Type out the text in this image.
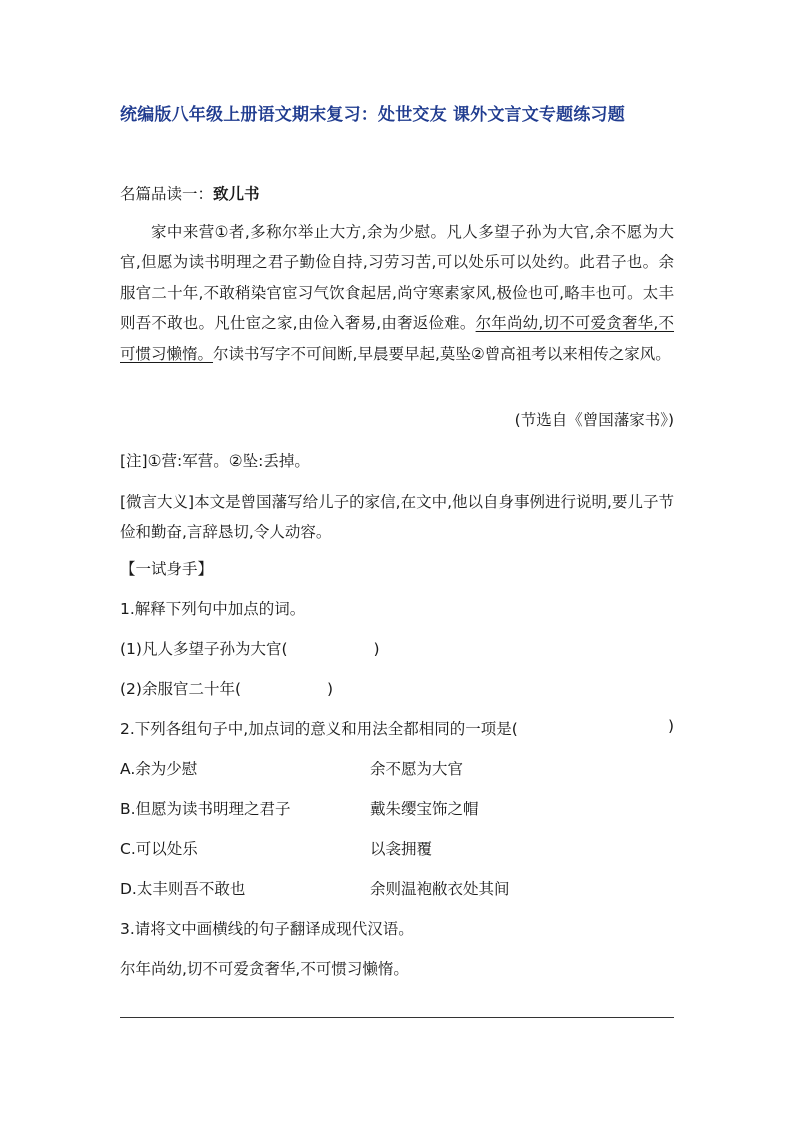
统编版八年级上册语文期末复习：处世交友 课外文言文专题练习题
名篇品读一：致儿书
家中来营①者,多称尔举止大方,余为少慰。凡人多望子孙为大官,余不愿为大官,但愿为读书明理之君子勤俭自持,习劳习苦,可以处乐可以处约。此君子也。余服官二十年,不敢稍染官宦习气饮食起居,尚守寒素家风,极俭也可,略丰也可。太丰则吾不敢也。凡仕宦之家,由俭入奢易,由奢返俭难。尔年尚幼,切不可爱贪奢华,不可惯习懒惰。尔读书写字不可间断,早晨要早起,莫坠②曾高祖考以来相传之家风。
(节选自《曾国藩家书》)
[注]①营:军营。②坠:丢掉。
[微言大义]本文是曾国藩写给儿子的家信,在文中,他以自身事例进行说明,要儿子节俭和勤奋,言辞恳切,令人动容。
【一试身手】
1.解释下列句中加点的词。
(1)凡人多望子孙为大官(	)
(2)余服官二十年(	)
2.下列各组句子中,加点词的意义和用法全都相同的一项是(	)
A.余为少慰	余不愿为大官
B.但愿为读书明理之君子	戴朱缨宝饰之帽
C.可以处乐	以衾拥覆
D.太丰则吾不敢也	余则温袍敝衣处其间
3.请将文中画横线的句子翻译成现代汉语。
尔年尚幼,切不可爱贪奢华,不可惯习懒惰。
